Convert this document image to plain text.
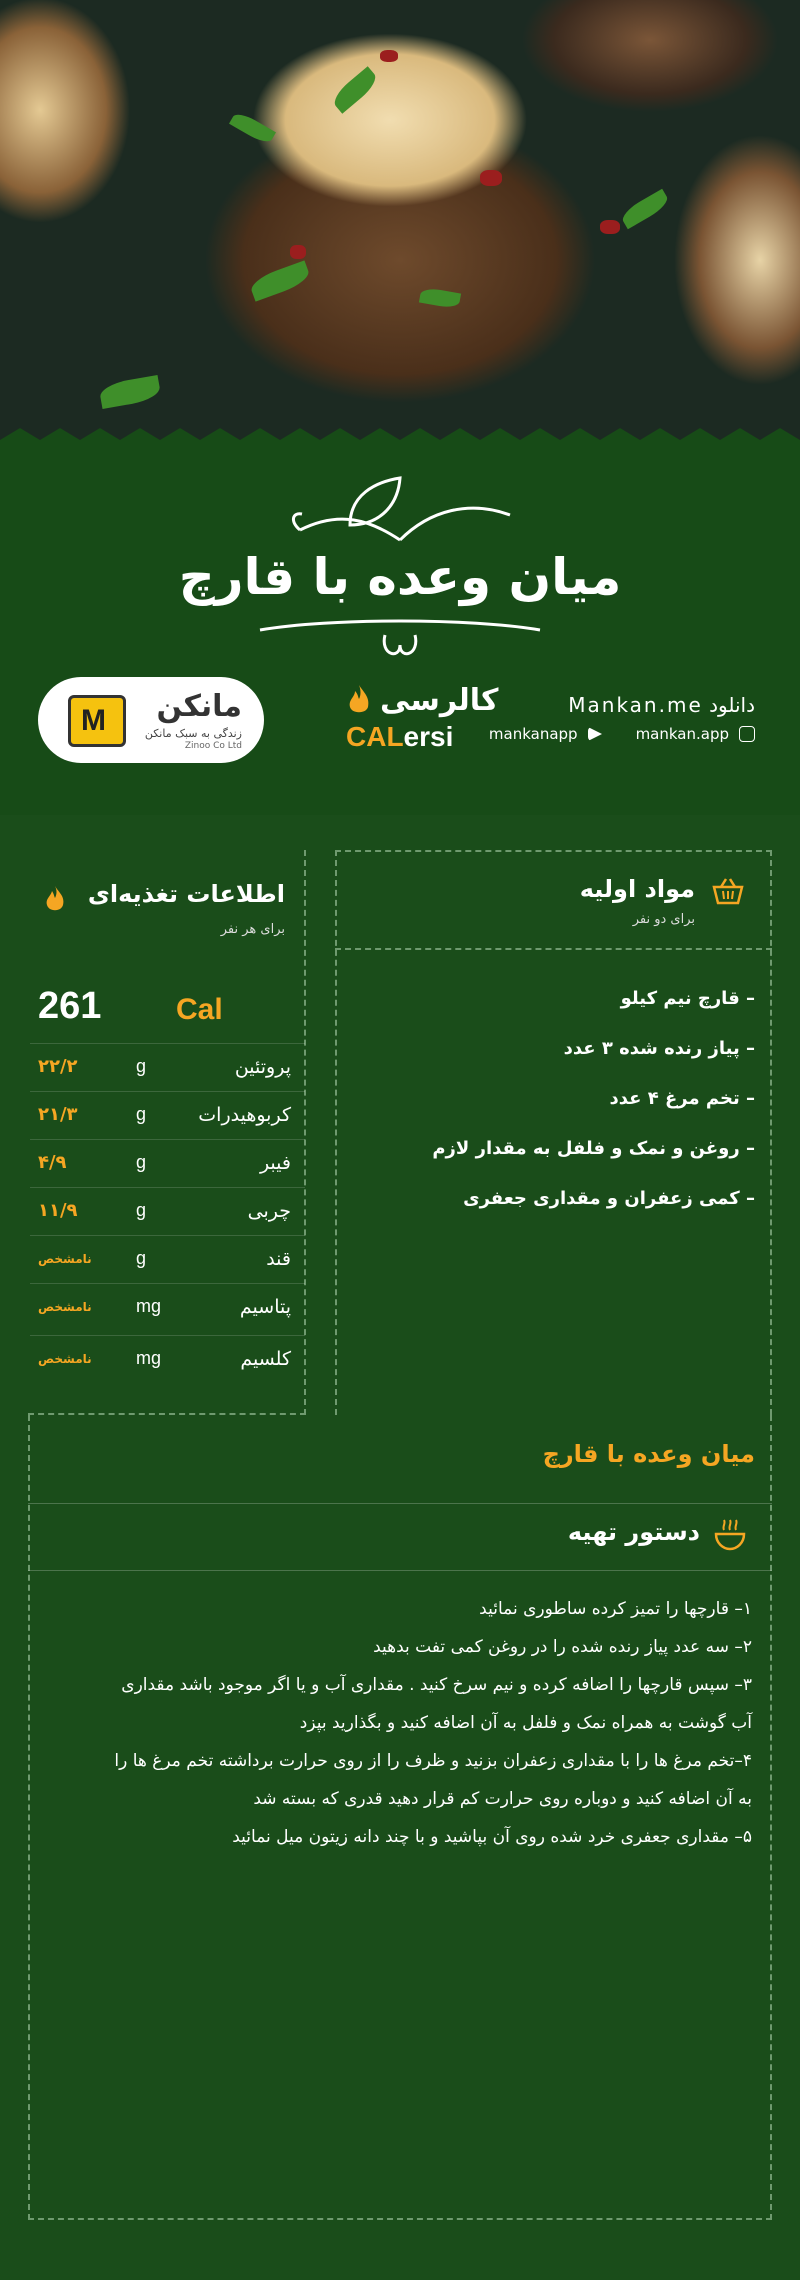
میان وعده با قارچ
M مانکن
زندگی به سبک مانکن
Zinoo Co Ltd
کالرسی
CALersi
دانلود Mankan.me
mankanapp	mankan.app
اطلاعات تغذیه‌ای
برای هر نفر
261 Cal
پروتئین
g
۲۲/۲
کربوهیدرات
g
۲۱/۳
فیبر
g
۴/۹
چربی
g
۱۱/۹
قند
g
نامشخص
پتاسیم
mg
نامشخص
کلسیم
mg
نامشخص
مواد اولیه
برای دو نفر
– قارچ نیم کیلو
– پیاز رنده شده ۳ عدد
– تخم مرغ ۴ عدد
– روغن و نمک و فلفل به مقدار لازم
– کمی زعفران و مقداری جعفری
میان وعده با قارچ
دستور تهیه
۱– قارچها را تمیز کرده ساطوری نمائید
۲– سه عدد پیاز رنده شده را در روغن کمی تفت بدهید
۳– سپس قارچها را اضافه کرده و نیم سرخ کنید . مقداری آب و یا اگر موجود باشد مقداری
آب گوشت به همراه نمک و فلفل به آن اضافه کنید و بگذارید بپزد
۴–تخم مرغ ها را با مقداری زعفران بزنید و ظرف را از روی حرارت برداشته تخم مرغ ها را
به آن اضافه کنید و دوباره روی حرارت کم قرار دهید قدری که بسته شد
۵– مقداری جعفری خرد شده روی آن بپاشید و با چند دانه زیتون میل نمائید
